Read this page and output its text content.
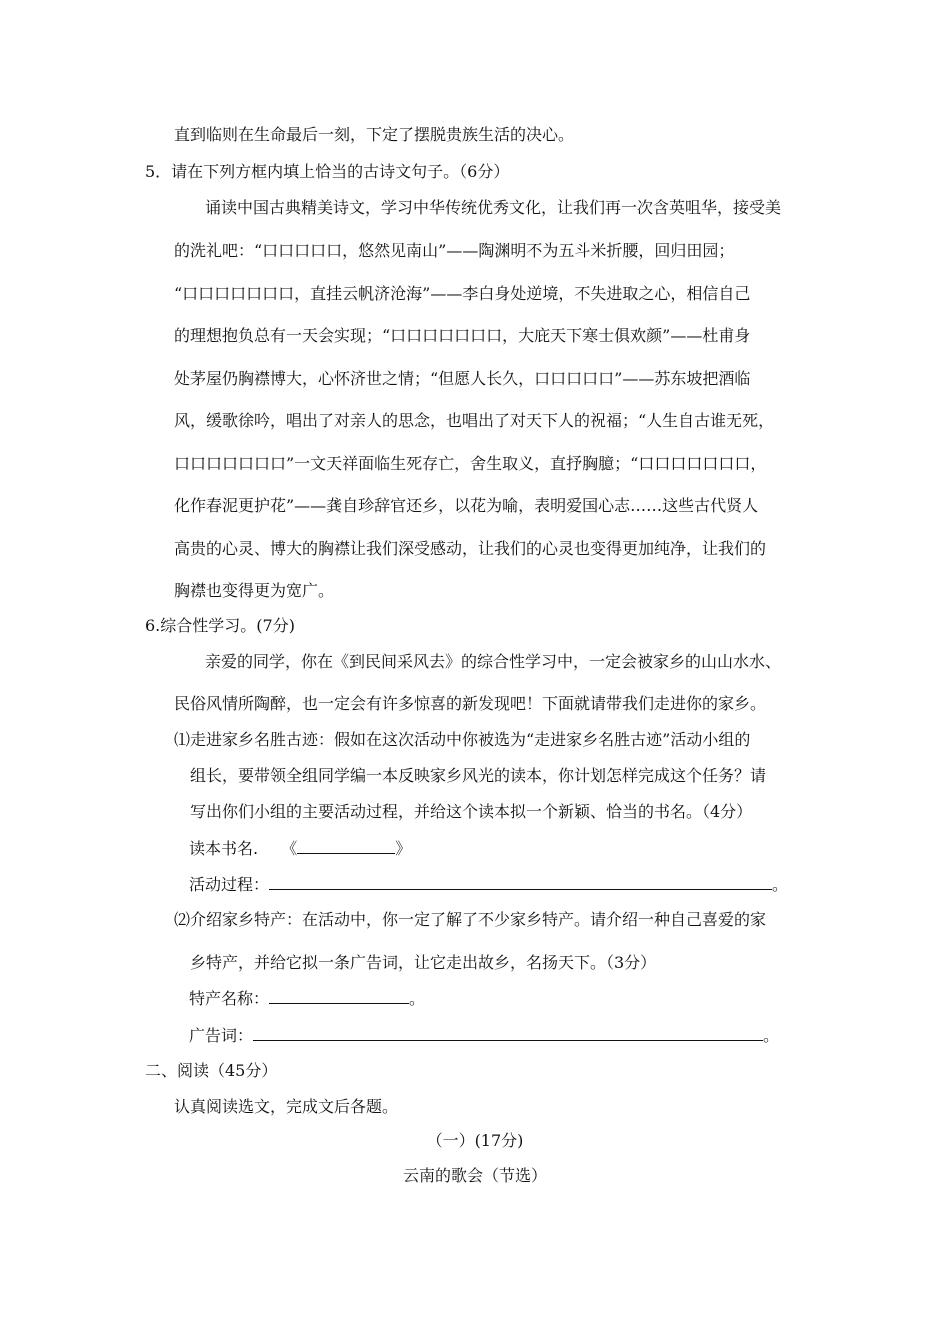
直到临则在生命最后一刻，下定了摆脱贵族生活的决心。

5．请在下列方框内填上恰当的古诗文句子。（6分）

诵读中国古典精美诗文，学习中华传统优秀文化，让我们再一次含英咀华，接受美

的洗礼吧：“口口口口口，悠然见南山”——陶渊明不为五斗米折腰，回归田园；

“口口口口口口口，直挂云帆济沧海”——李白身处逆境，不失进取之心，相信自己

的理想抱负总有一天会实现；“口口口口口口口，大庇天下寒士俱欢颜”——杜甫身

处茅屋仍胸襟博大，心怀济世之情；“但愿人长久，口口口口口”——苏东坡把酒临

风，缓歌徐吟，唱出了对亲人的思念，也唱出了对天下人的祝福；“人生自古谁无死，

口口口口口口口”一文天祥面临生死存亡，舍生取义，直抒胸臆；“口口口口口口口，

化作春泥更护花”——龚自珍辞官还乡，以花为喻，表明爱国心志……这些古代贤人

高贵的心灵、博大的胸襟让我们深受感动，让我们的心灵也变得更加纯净，让我们的

胸襟也变得更为宽广。

6.综合性学习。(7分)

亲爱的同学，你在《到民间采风去》的综合性学习中，一定会被家乡的山山水水、

民俗风情所陶醉，也一定会有许多惊喜的新发现吧！下面就请带我们走进你的家乡。

⑴走进家乡名胜古迹：假如在这次活动中你被选为“走进家乡名胜古迹”活动小组的

组长，要带领全组同学编一本反映家乡风光的读本，你计划怎样完成这个任务？请

写出你们小组的主要活动过程，并给这个读本拟一个新颖、恰当的书名。（4分）

读本书名. 《	》

活动过程：	。

⑵介绍家乡特产：在活动中，你一定了解了不少家乡特产。请介绍一种自己喜爱的家

乡特产，并给它拟一条广告词，让它走出故乡，名扬天下。（3分）

特产名称：	。

广告词：	。

二、阅读（45分）

认真阅读选文，完成文后各题。

（一）(17分)
云南的歌会（节选）
